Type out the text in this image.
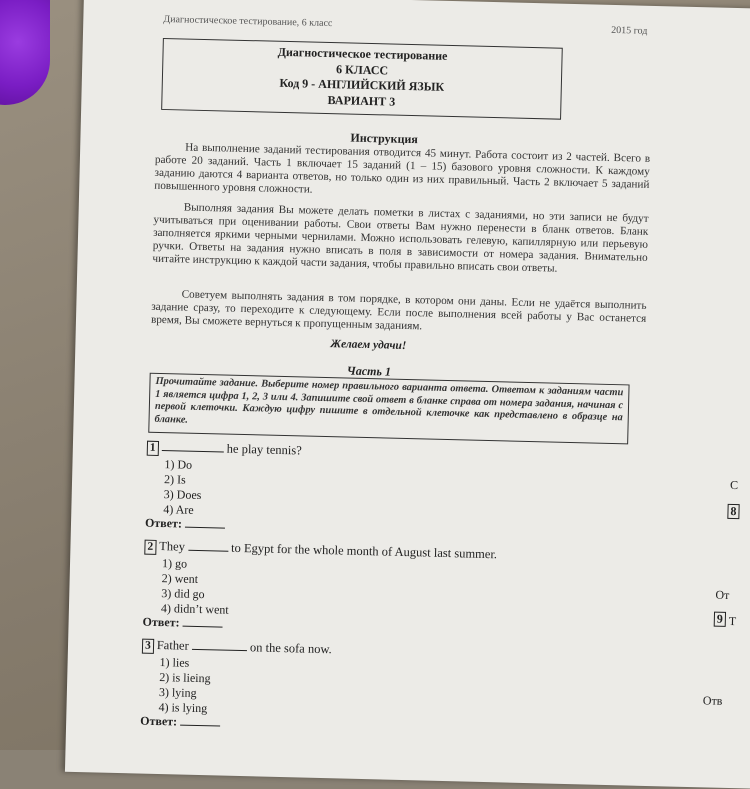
Диагностическое тестирование, 6 класс
2015 год
Диагностическое тестирование
6 КЛАСС
Код 9 - АНГЛИЙСКИЙ ЯЗЫК
ВАРИАНТ 3
Инструкция
На выполнение заданий тестирования отводится 45 минут. Работа состоит из 2 частей. Всего в работе 20 заданий. Часть 1 включает 15 заданий (1 – 15) базового уровня сложности. К каждому заданию даются 4 варианта ответов, но только один из них правильный. Часть 2 включает 5 заданий повышенного уровня сложности.
Выполняя задания Вы можете делать пометки в листах с заданиями, но эти записи не будут учитываться при оценивании работы. Свои ответы Вам нужно перенести в бланк ответов. Бланк заполняется яркими черными чернилами. Можно использовать гелевую, капиллярную или перьевую ручки. Ответы на задания нужно вписать в поля в зависимости от номера задания. Внимательно читайте инструкцию к каждой части задания, чтобы правильно вписать свои ответы.
Советуем выполнять задания в том порядке, в котором они даны. Если не удаётся выполнить задание сразу, то переходите к следующему. Если после выполнения всей работы у Вас останется время, Вы сможете вернуться к пропущенным заданиям.
Желаем удачи!
Часть 1
Прочитайте задание. Выберите номер правильного варианта ответа. Ответом к заданиям части 1 является цифра 1, 2, 3 или 4. Запишите свой ответ в бланке справа от номера задания, начиная с первой клеточки. Каждую цифру пишите в отдельной клеточке как представлено в образце на бланке.
1	he play tennis?
1) Do
2) Is
3) Does
4) Are
Ответ:
2 They	to Egypt for the whole month of August last summer.
1) go
2) went
3) did go
4) didn’t went
Ответ:
3 Father	on the sofa now.
1) lies
2) is lieing
3) lying
4) is lying
Ответ:
С
8
От
9 Т
Отв
